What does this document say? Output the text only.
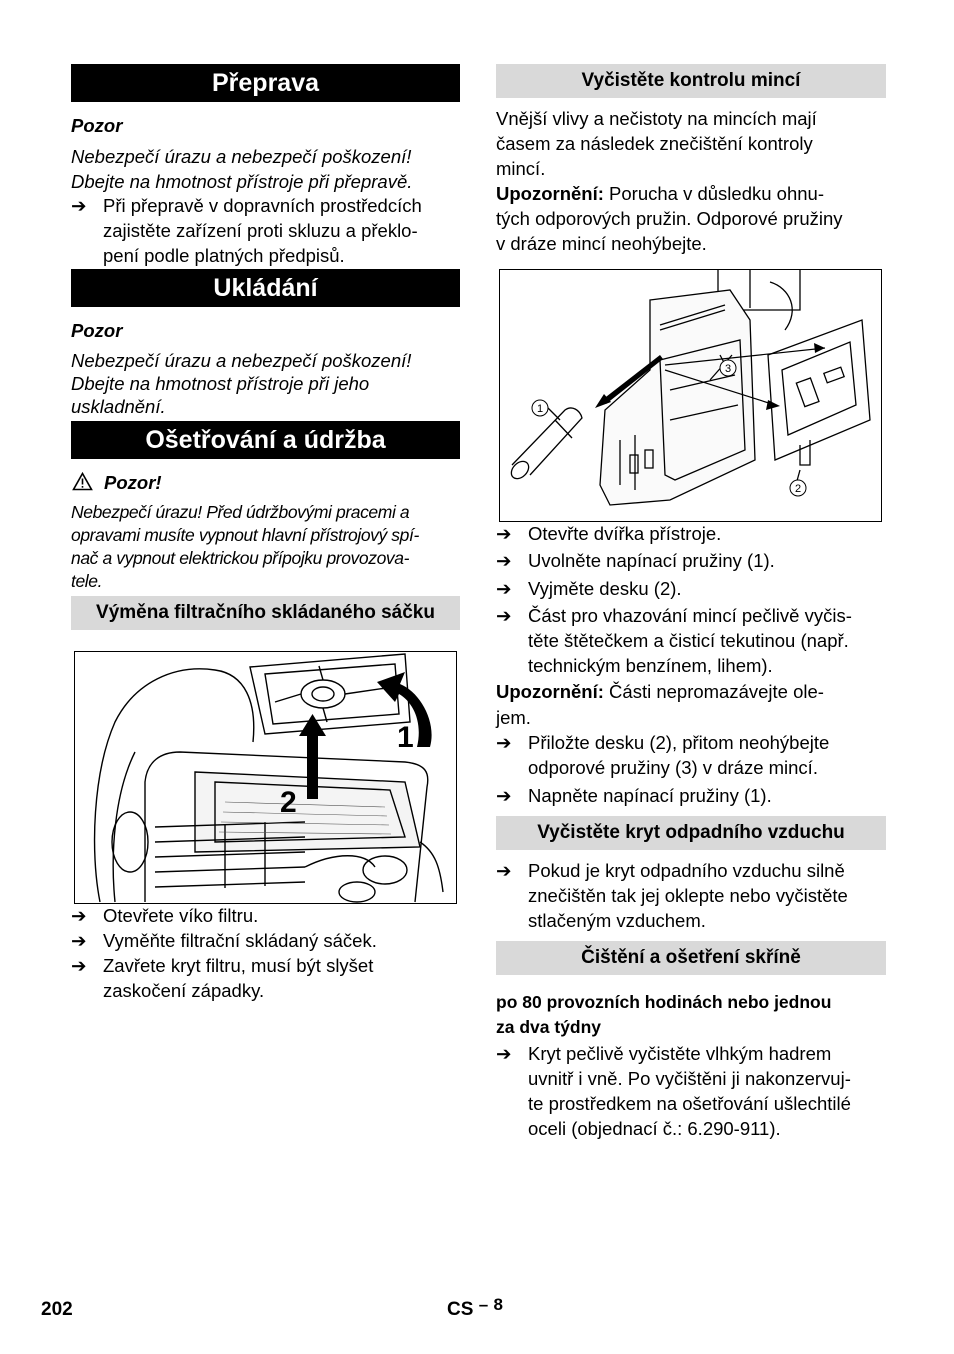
Přeprava
Pozor
Nebezpečí úrazu a nebezpečí poškození!
Dbejte na hmotnost přístroje při přepravě.
➔ Při přepravě v dopravních prostředcích
zajistěte zařízení proti skluzu a překlo-
pení podle platných předpisů.
Ukládání
Pozor
Nebezpečí úrazu a nebezpečí poškození!
Dbejte na hmotnost přístroje při jeho
uskladnění.
Ošetřování a údržba
Pozor!
Nebezpečí úrazu! Před údržbovými pracemi a
opravami musíte vypnout hlavní přístrojový spí-
nač a vypnout elektrickou přípojku provozova-
tele.
Výměna filtračního skládaného sáčku
2
1
➔ Otevřete víko filtru.
➔ Vyměňte filtrační skládaný sáček.
➔ Zavřete kryt filtru, musí být slyšet
zaskočení západky.
Vyčistěte kontrolu mincí
Vnější vlivy a nečistoty na mincích mají
časem za následek znečištění kontroly
mincí.
Upozornění: Porucha v důsledku ohnu-
tých odporových pružin. Odporové pružiny
v dráze mincí neohýbejte.
1
2
3
➔ Otevřte dvířka přístroje.
➔ Uvolněte napínací pružiny (1).
➔ Vyjměte desku (2).
➔ Část pro vhazování mincí pečlivě vyčis-
těte štětečkem a čisticí tekutinou (např.
technickým benzínem, lihem).
Upozornění: Části nepromazávejte ole-
jem.
➔ Přiložte desku (2), přitom neohýbejte
odporové pružiny (3) v dráze mincí.
➔ Napněte napínací pružiny (1).
Vyčistěte kryt odpadního vzduchu
➔ Pokud je kryt odpadního vzduchu silně
znečištěn tak jej oklepte nebo vyčistěte
stlačeným vzduchem.
Čištění a ošetření skříně
po 80 provozních hodinách nebo jednou
za dva týdny
➔ Kryt pečlivě vyčistěte vlhkým hadrem
uvnitř i vně. Po vyčištěni ji nakonzervuj-
te prostředkem na ošetřování ušlechtilé
oceli (objednací č.: 6.290-911).
202	CS – 8
